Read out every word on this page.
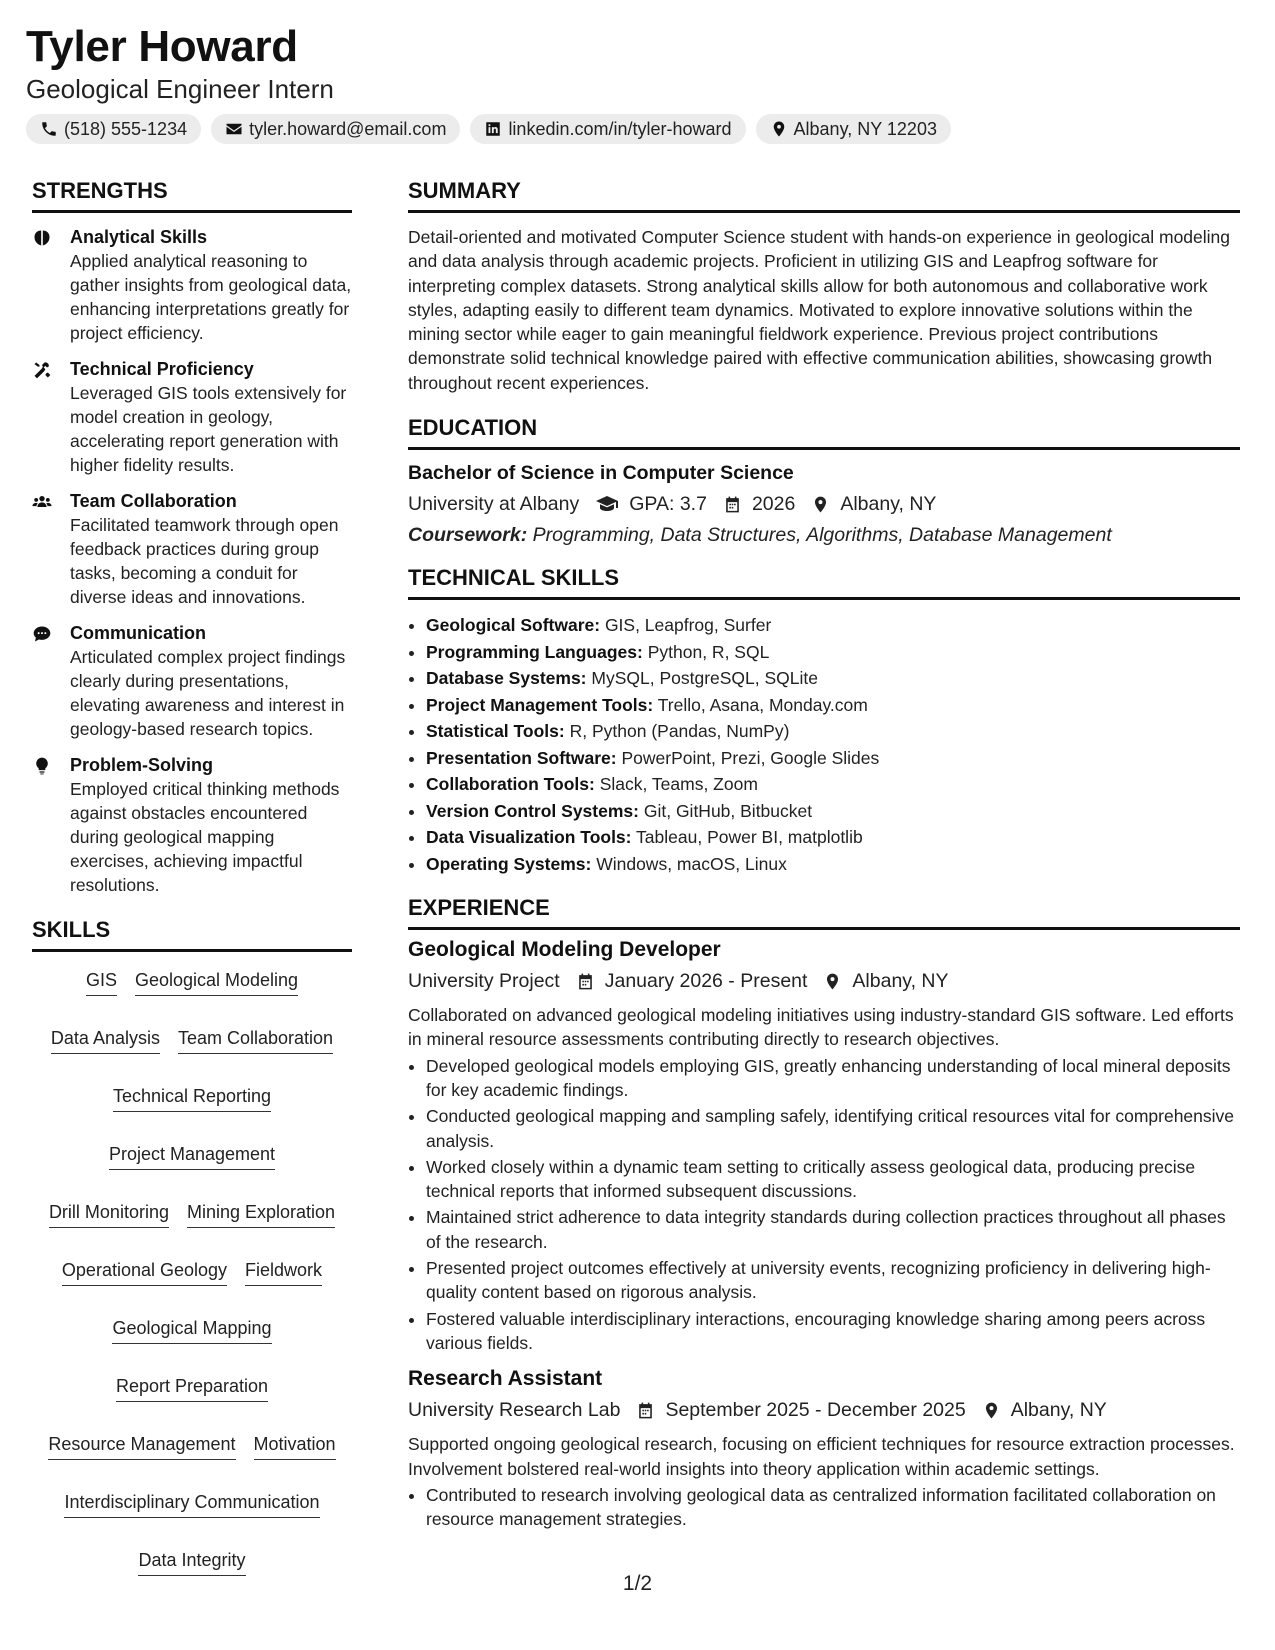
Tyler Howard
Geological Engineer Intern
(518) 555-1234	tyler.howard@email.com	linkedin.com/in/tyler-howard	Albany, NY 12203
STRENGTHS
Analytical Skills
Applied analytical reasoning to gather insights from geological data, enhancing interpretations greatly for project efficiency.
Technical Proficiency
Leveraged GIS tools extensively for model creation in geology, accelerating report generation with higher fidelity results.
Team Collaboration
Facilitated teamwork through open feedback practices during group tasks, becoming a conduit for diverse ideas and innovations.
Communication
Articulated complex project findings clearly during presentations, elevating awareness and interest in geology-based research topics.
Problem-Solving
Employed critical thinking methods against obstacles encountered during geological mapping exercises, achieving impactful resolutions.
SKILLS
GIS Geological Modeling
Data Analysis Team Collaboration
Technical Reporting
Project Management
Drill Monitoring Mining Exploration
Operational Geology Fieldwork
Geological Mapping
Report Preparation
Resource Management Motivation
Interdisciplinary Communication
Data Integrity
SUMMARY

Detail-oriented and motivated Computer Science student with hands-on experience in geological modeling and data analysis through academic projects. Proficient in utilizing GIS and Leapfrog software for interpreting complex datasets. Strong analytical skills allow for both autonomous and collaborative work styles, adapting easily to different team dynamics. Motivated to explore innovative solutions within the mining sector while eager to gain meaningful fieldwork experience. Previous project contributions demonstrate solid technical knowledge paired with effective communication abilities, showcasing growth throughout recent experiences.

EDUCATION
Bachelor of Science in Computer Science
University at Albany	GPA: 3.7 2026 Albany, NY
Coursework: Programming, Data Structures, Algorithms, Database Management
TECHNICAL SKILLS
• Geological Software: GIS, Leapfrog, Surfer
• Programming Languages: Python, R, SQL
• Database Systems: MySQL, PostgreSQL, SQLite
• Project Management Tools: Trello, Asana, Monday.com
• Statistical Tools: R, Python (Pandas, NumPy)
• Presentation Software: PowerPoint, Prezi, Google Slides
• Collaboration Tools: Slack, Teams, Zoom
• Version Control Systems: Git, GitHub, Bitbucket
• Data Visualization Tools: Tableau, Power BI, matplotlib
• Operating Systems: Windows, macOS, Linux
EXPERIENCE
Geological Modeling Developer
University Project January 2026 - Present Albany, NY

Collaborated on advanced geological modeling initiatives using industry-standard GIS software. Led efforts in mineral resource assessments contributing directly to research objectives.

• Developed geological models employing GIS, greatly enhancing understanding of local mineral deposits for key academic findings.
• Conducted geological mapping and sampling safely, identifying critical resources vital for comprehensive analysis.
• Worked closely within a dynamic team setting to critically assess geological data, producing precise technical reports that informed subsequent discussions.
• Maintained strict adherence to data integrity standards during collection practices throughout all phases of the research.
• Presented project outcomes effectively at university events, recognizing proficiency in delivering high-quality content based on rigorous analysis.
• Fostered valuable interdisciplinary interactions, encouraging knowledge sharing among peers across various fields.
Research Assistant
University Research Lab September 2025 - December 2025 Albany, NY

Supported ongoing geological research, focusing on efficient techniques for resource extraction processes. Involvement bolstered real-world insights into theory application within academic settings.

• Contributed to research involving geological data as centralized information facilitated collaboration on resource management strategies.
1/2
